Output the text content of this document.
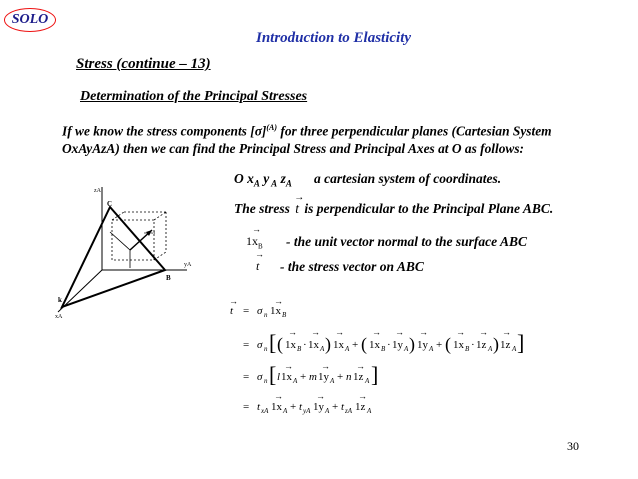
SOLO
Introduction to Elasticity
Stress (continue – 13)
Determination of the Principal Stresses
If we know the stress components $[\sigma]^{(A)}$ for three perpendicular planes (Cartesian System OxAyAzA) then we can find the Principal Stress and Principal Axes at O as follows:
O $x_A$ y $_A$ $z_A$ a cartesian system of coordinates.
The stress
→
t is perpendicular to the Principal Plane ABC.
1
→
$x_B$ - the unit vector normal to the surface ABC
→
t - the stress vector on ABC
σn 1xA
C
B
zA
yA
k
xA	t
→
= σ n 1x B
→
= σ n [ ( 1x B · 1x A ) 1x A + ( 1x B · 1y A ) 1y A + ( 1x B · 1z A ) 1z A ]
→ → →	→ → →	→ → →
= σ n [ l 1x A + m 1y A + n 1z A ]
→	→	→
= t xA 1x A + t yA 1y A + t zA 1z A
→	→	→
30
